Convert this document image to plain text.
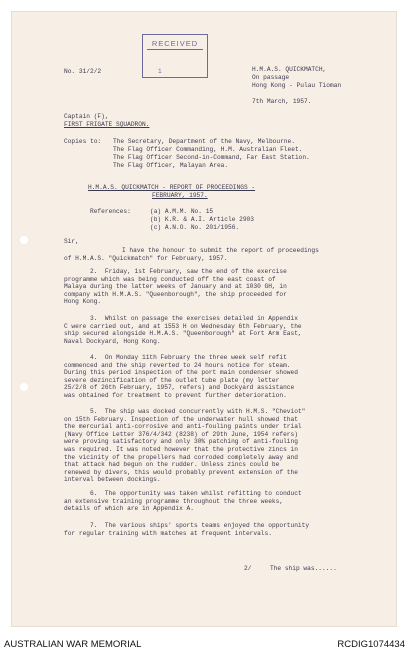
RECEIVED
1
No. 31/2/2	H.M.A.S. QUICKMATCH,
On passage
Hong Kong - Pulau Tioman
7th March, 1957.
Captain (F),
FIRST FRIGATE SQUADRON.
Copies to: The Secretary, Department of the Navy, Melbourne.
The Flag Officer Commanding, H.M. Australian Fleet.
The Flag Officer Second-in-Command, Far East Station.
The Flag Officer, Malayan Area.
H.M.A.S. QUICKMATCH - REPORT OF PROCEEDINGS -
FEBRUARY, 1957.
References:	(a) A.M.M. No. 15
(b) K.R. & A.I. Article 2903
(c) A.N.O. No. 201/1956.
Sir,
I have the honour to submit the report of proceedings
of H.M.A.S. "Quickmatch" for February, 1957.
2.  Friday, 1st February, saw the end of the exercise
programme which was being conducted off the east coast of
Malaya during the latter weeks of January and at 1030 GH, in
company with H.M.A.S. "Queenborough", the ship proceeded for
Hong Kong.
3.  Whilst on passage the exercises detailed in Appendix
C were carried out, and at 1553 H on Wednesday 6th February, the
ship secured alongside H.M.A.S. "Queenborough" at Fort Arm East,
Naval Dockyard, Hong Kong.
4.  On Monday 11th February the three week self refit
commenced and the ship reverted to 24 hours notice for steam.
During this period inspection of the port main condenser showed
severe dezincification of the outlet tube plate (my letter
25/2/8 of 26th February, 1957, refers) and Dockyard assistance
was obtained for treatment to prevent further deterioration.
5.  The ship was docked concurrently with H.M.S. "Cheviot"
on 15th February. Inspection of the underwater hull showed that
the mercurial anti-corrosive and anti-fouling paints under trial
(Navy Office Letter 376/4/342 (8238) of 29th June, 1954 refers)
were proving satisfactory and only 30% patching of anti-fouling
was required. It was noted however that the protective zincs in
the vicinity of the propellers had corroded completely away and
that attack had begun on the rudder. Unless zincs could be
renewed by divers, this would probably prevent extension of the
interval between dockings.
6.  The opportunity was taken whilst refitting to conduct
an extensive training programme throughout the three weeks,
details of which are in Appendix A.
7.  The various ships' sports teams enjoyed the opportunity
for regular training with matches at frequent intervals.
2/	The ship was......
AUSTRALIAN WAR MEMORIAL	RCDIG1074434
